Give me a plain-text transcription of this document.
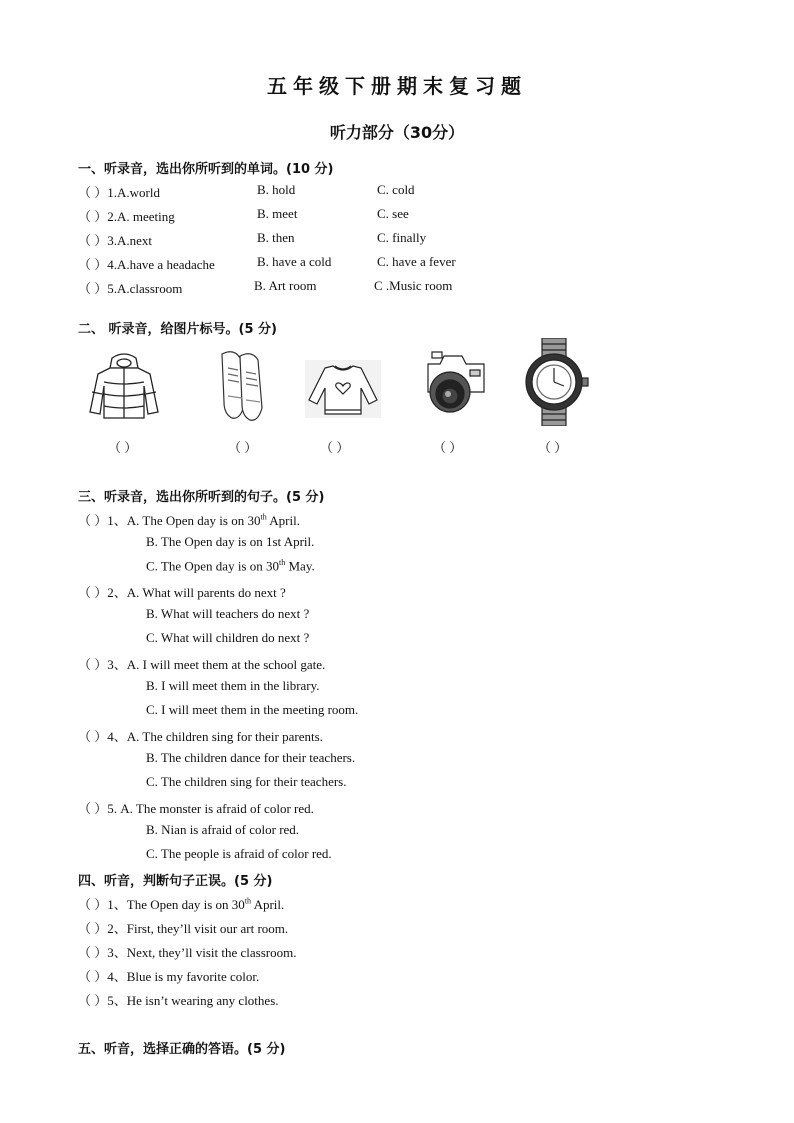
五年级下册期末复习题
听力部分（30分）
一、听录音，选出你所听到的单词。(10 分)
（ ）1.A.world	B. hold	C. cold
（ ）2.A. meeting	B. meet	C. see
（ ）3.A.next	B. then	C. finally
（ ）4.A.have a headache	B. have a cold	C. have a fever
（ ）5.A.classroom	B. Art room	C .Music room
二、 听录音，给图片标号。(5 分)
（ ）	（ ）	（ ）	（ ）	（ ）
三、听录音，选出你所听到的句子。(5 分)
（ ）1、A. The Open day is on 30th April.
B. The Open day is on 1st April.
C. The Open day is on 30th May.
（ ）2、A. What will parents do next ?
B. What will teachers do next ?
C. What will children do next ?
（ ）3、A. I will meet them at the school gate.
B. I will meet them in the library.
C. I will meet them in the meeting room.
（ ）4、A. The children sing for their parents.
B. The children dance for their teachers.
C. The children sing for their teachers.
（ ）5. A. The monster is afraid of color red.
B. Nian is afraid of color red.
C. The people is afraid of color red.
四、听音，判断句子正误。(5 分)
（ ）1、The Open day is on 30th April.
（ ）2、First, they’ll visit our art room.
（ ）3、Next, they’ll visit the classroom.
（ ）4、Blue is my favorite color.
（ ）5、He isn’t wearing any clothes.
五、听音，选择正确的答语。(5 分)
